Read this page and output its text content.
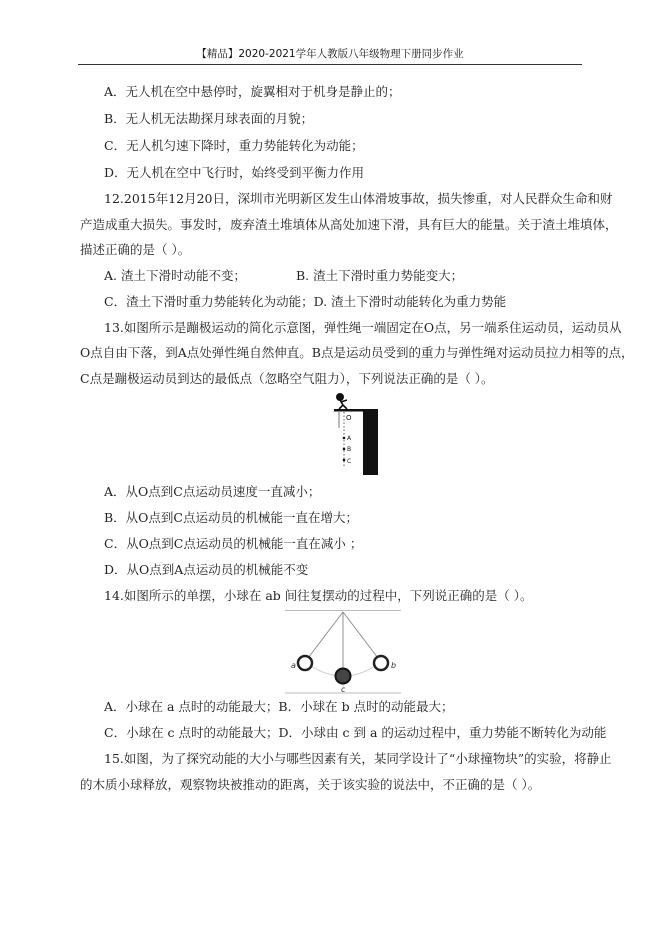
【精品】2020-2021学年人教版八年级物理下册同步作业
A．无人机在空中悬停时，旋翼相对于机身是静止的；
B．无人机无法勘探月球表面的月貌；
C．无人机匀速下降时，重力势能转化为动能；
D．无人机在空中飞行时，始终受到平衡力作用
12.2015年12月20日，深圳市光明新区发生山体滑坡事故，损失惨重，对人民群众生命和财
产造成重大损失。事发时，废弃渣土堆填体从高处加速下滑，具有巨大的能量。关于渣土堆填体，
描述正确的是（ ）。
A. 渣土下滑时动能不变；	B. 渣土下滑时重力势能变大；
C．渣土下滑时重力势能转化为动能；D. 渣土下滑时动能转化为重力势能
13.如图所示是蹦极运动的简化示意图，弹性绳一端固定在O点，另一端系住运动员，运动员从
O点自由下落，到A点处弹性绳自然伸直。B点是运动员受到的重力与弹性绳对运动员拉力相等的点，
C点是蹦极运动员到达的最低点（忽略空气阻力），下列说法正确的是（ ）。
O
A
B
C
A．从O点到C点运动员速度一直减小；
B．从O点到C点运动员的机械能一直在增大；
C．从O点到C点运动员的机械能一直在减小 ；
D．从O点到A点运动员的机械能不变
14.如图所示的单摆，小球在 ab 间往复摆动的过程中，下列说正确的是（ ）。
a	b
c
A．小球在 a 点时的动能最大；B．小球在 b 点时的动能最大；
C．小球在 c 点时的动能最大；D．小球由 c 到 a 的运动过程中，重力势能不断转化为动能
15.如图，为了探究动能的大小与哪些因素有关，某同学设计了“小球撞物块”的实验，将静止
的木质小球释放，观察物块被推动的距离，关于该实验的说法中，不正确的是（ ）。
